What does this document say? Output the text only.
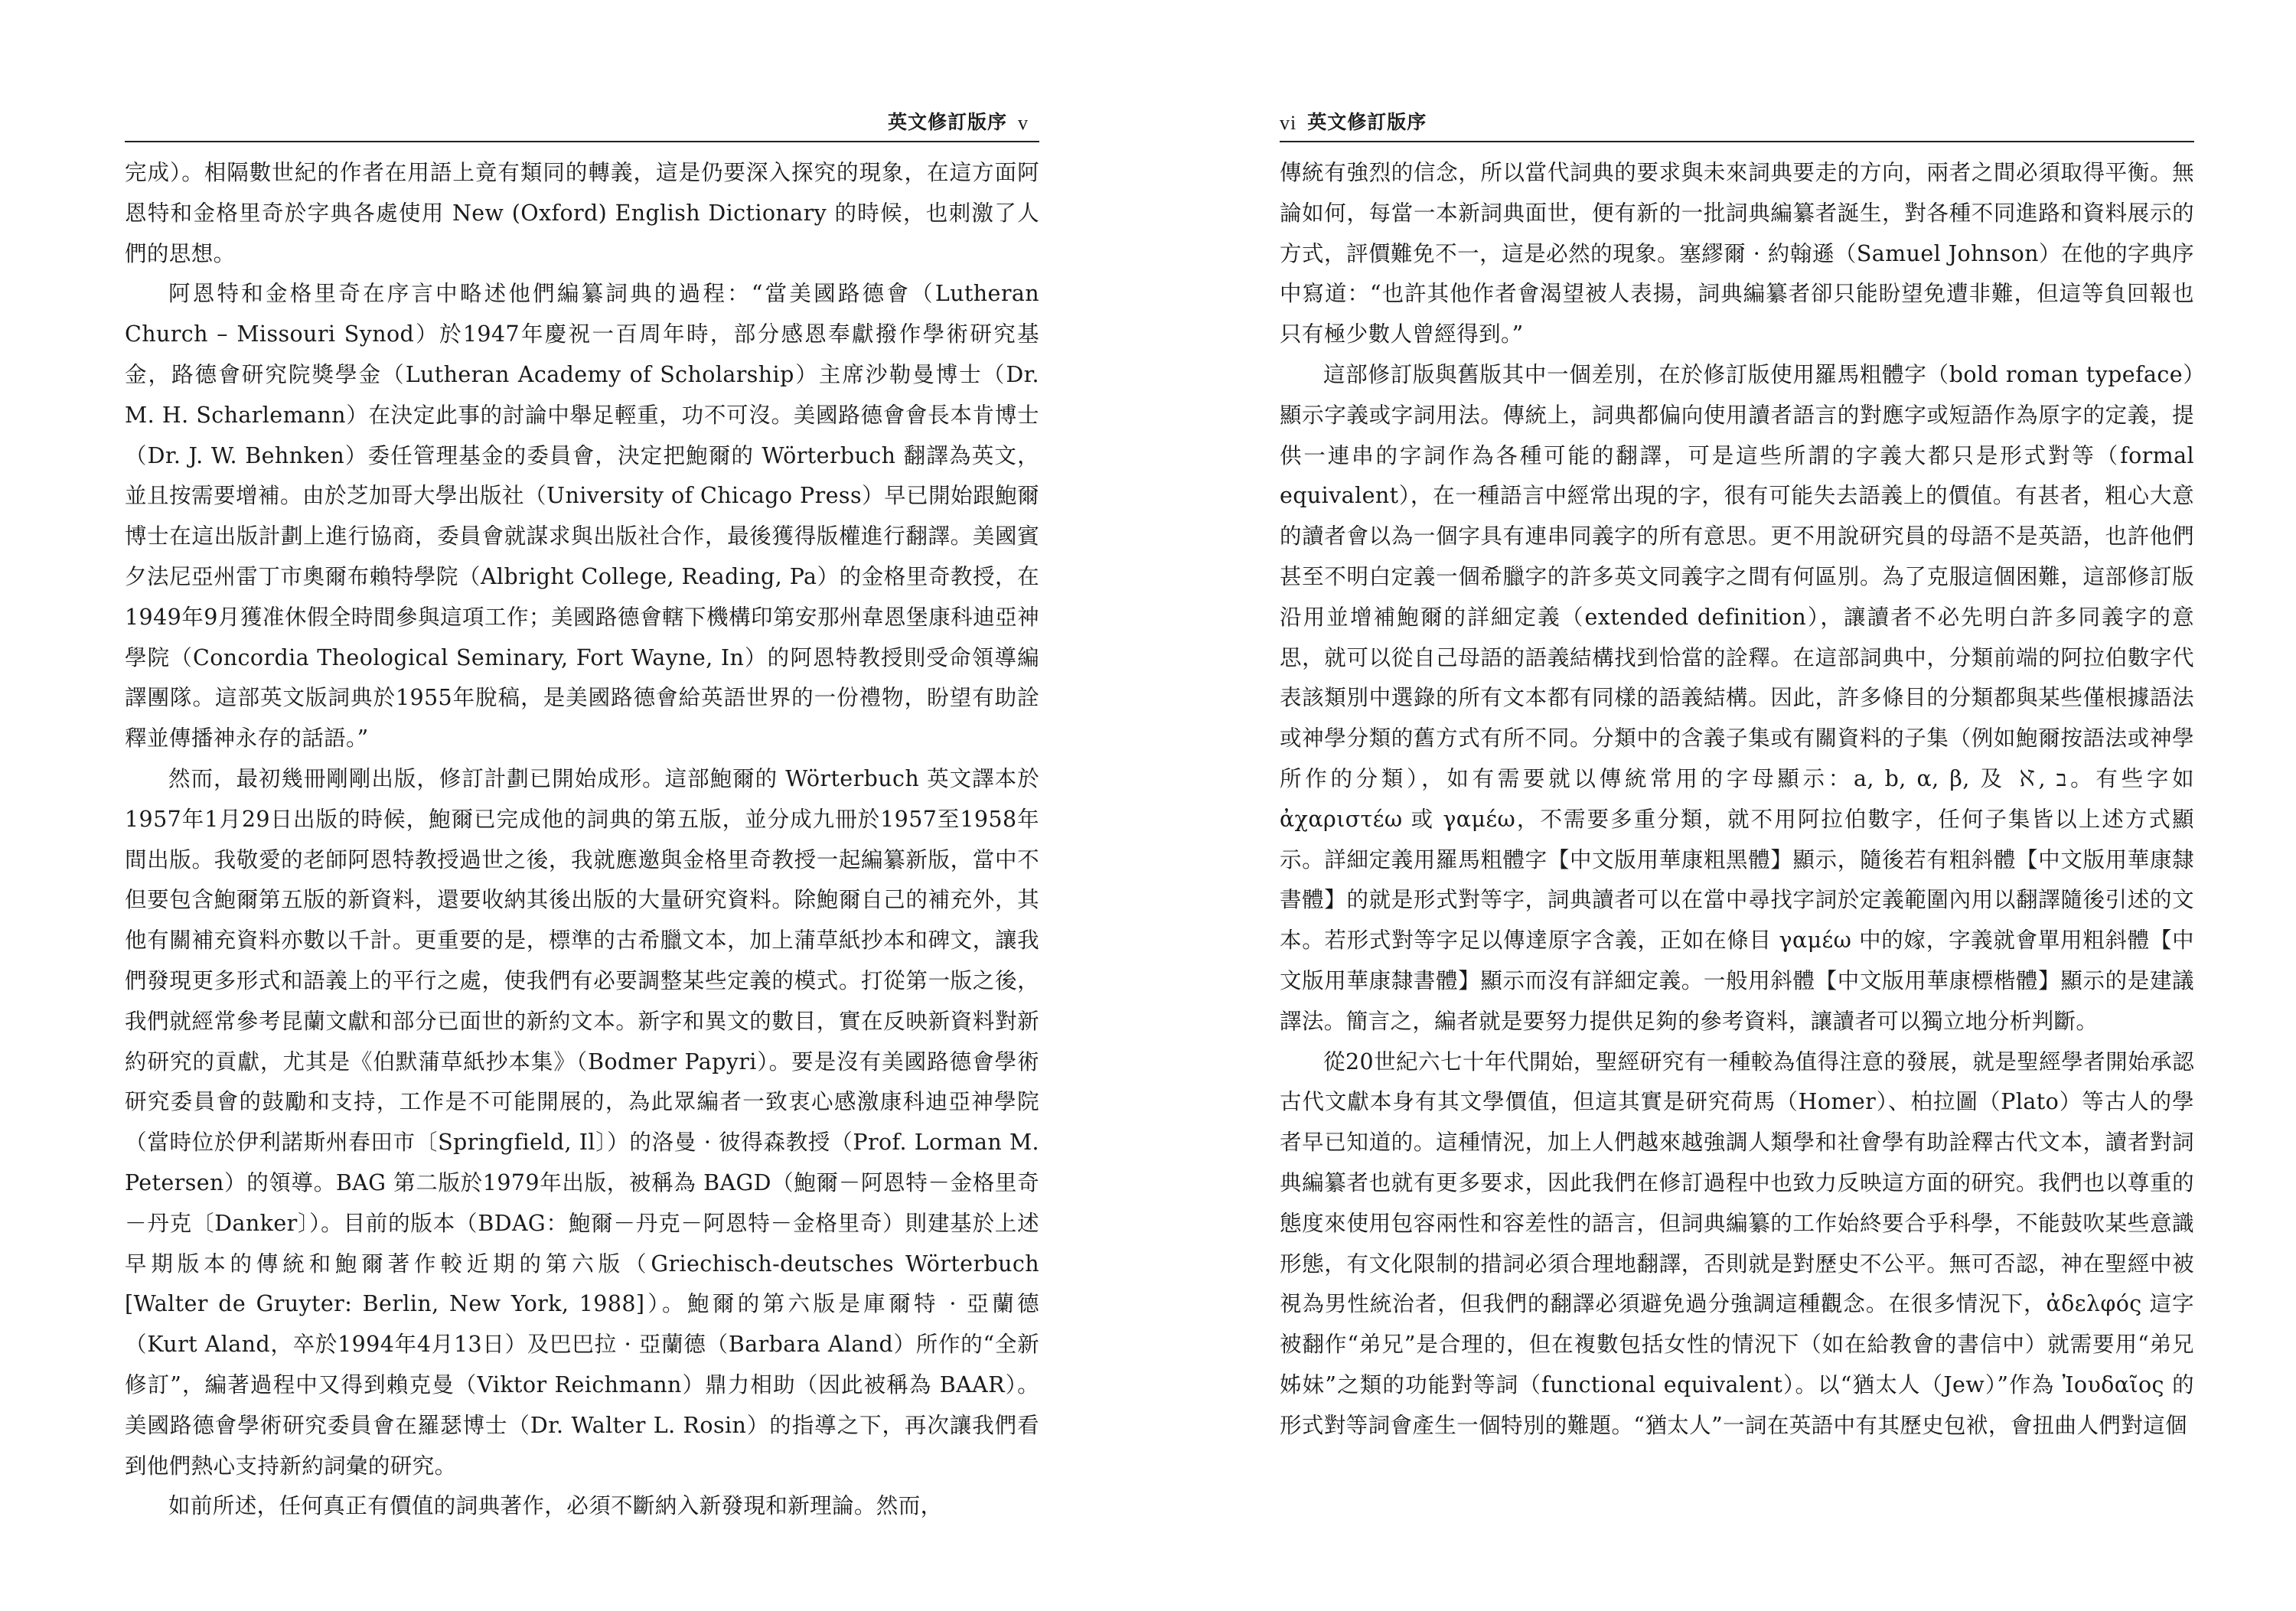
英文修訂版序 v

完成）。相隔數世紀的作者在用語上竟有類同的轉義，這是仍要深入探究的現象，在這方面阿恩特和金格里奇於字典各處使用 New (Oxford) English Dictionary 的時候，也刺激了人們的思想。

阿恩特和金格里奇在序言中略述他們編纂詞典的過程：“當美國路德會（Lutheran Church – Missouri Synod）於1947年慶祝一百周年時，部分感恩奉獻撥作學術研究基金，路德會研究院獎學金（Lutheran Academy of Scholarship）主席沙勒曼博士（Dr. M. H. Scharlemann）在決定此事的討論中舉足輕重，功不可沒。美國路德會會長本肯博士（Dr. J. W. Behnken）委任管理基金的委員會，決定把鮑爾的 Wörterbuch 翻譯為英文，並且按需要增補。由於芝加哥大學出版社（University of Chicago Press）早已開始跟鮑爾博士在這出版計劃上進行協商，委員會就謀求與出版社合作，最後獲得版權進行翻譯。美國賓夕法尼亞州雷丁市奧爾布賴特學院（Albright College, Reading, Pa）的金格里奇教授，在1949年9月獲准休假全時間參與這項工作；美國路德會轄下機構印第安那州韋恩堡康科迪亞神學院（Concordia Theological Seminary, Fort Wayne, In）的阿恩特教授則受命領導編譯團隊。這部英文版詞典於1955年脫稿，是美國路德會給英語世界的一份禮物，盼望有助詮釋並傳播神永存的話語。”

然而，最初幾冊剛剛出版，修訂計劃已開始成形。這部鮑爾的 Wörterbuch 英文譯本於1957年1月29日出版的時候，鮑爾已完成他的詞典的第五版，並分成九冊於1957至1958年間出版。我敬愛的老師阿恩特教授過世之後，我就應邀與金格里奇教授一起編纂新版，當中不但要包含鮑爾第五版的新資料，還要收納其後出版的大量研究資料。除鮑爾自己的補充外，其他有關補充資料亦數以千計。更重要的是，標準的古希臘文本，加上蒲草紙抄本和碑文，讓我們發現更多形式和語義上的平行之處，使我們有必要調整某些定義的模式。打從第一版之後，我們就經常參考昆蘭文獻和部分已面世的新約文本。新字和異文的數目，實在反映新資料對新約研究的貢獻，尤其是《伯默蒲草紙抄本集》（Bodmer Papyri）。要是沒有美國路德會學術研究委員會的鼓勵和支持，工作是不可能開展的，為此眾編者一致衷心感激康科迪亞神學院（當時位於伊利諾斯州春田市〔Springfield, Il〕）的洛曼 · 彼得森教授（Prof. Lorman M. Petersen）的領導。BAG 第二版於1979年出版，被稱為 BAGD（鮑爾－阿恩特－金格里奇－丹克〔Danker〕）。目前的版本（BDAG：鮑爾－丹克－阿恩特－金格里奇）則建基於上述早期版本的傳統和鮑爾著作較近期的第六版（Griechisch-deutsches Wörterbuch [Walter de Gruyter: Berlin, New York, 1988]）。鮑爾的第六版是庫爾特 · 亞蘭德（Kurt Aland，卒於1994年4月13日）及巴巴拉 · 亞蘭德（Barbara Aland）所作的“全新修訂”，編著過程中又得到賴克曼（Viktor Reichmann）鼎力相助（因此被稱為 BAAR）。美國路德會學術研究委員會在羅瑟博士（Dr. Walter L. Rosin）的指導之下，再次讓我們看到他們熱心支持新約詞彙的研究。

如前所述，任何真正有價值的詞典著作，必須不斷納入新發現和新理論。然而，

vi 英文修訂版序

傳統有強烈的信念，所以當代詞典的要求與未來詞典要走的方向，兩者之間必須取得平衡。無論如何，每當一本新詞典面世，便有新的一批詞典編纂者誕生，對各種不同進路和資料展示的方式，評價難免不一，這是必然的現象。塞繆爾 · 約翰遜（Samuel Johnson）在他的字典序中寫道：“也許其他作者會渴望被人表揚，詞典編纂者卻只能盼望免遭非難，但這等負回報也只有極少數人曾經得到。”

這部修訂版與舊版其中一個差別，在於修訂版使用羅馬粗體字（bold roman typeface）顯示字義或字詞用法。傳統上，詞典都偏向使用讀者語言的對應字或短語作為原字的定義，提供一連串的字詞作為各種可能的翻譯，可是這些所謂的字義大都只是形式對等（formal equivalent），在一種語言中經常出現的字，很有可能失去語義上的價值。有甚者，粗心大意的讀者會以為一個字具有連串同義字的所有意思。更不用說研究員的母語不是英語，也許他們甚至不明白定義一個希臘字的許多英文同義字之間有何區別。為了克服這個困難，這部修訂版沿用並增補鮑爾的詳細定義（extended definition），讓讀者不必先明白許多同義字的意思，就可以從自己母語的語義結構找到恰當的詮釋。在這部詞典中，分類前端的阿拉伯數字代表該類別中選錄的所有文本都有同樣的語義結構。因此，許多條目的分類都與某些僅根據語法或神學分類的舊方式有所不同。分類中的含義子集或有關資料的子集（例如鮑爾按語法或神學所作的分類），如有需要就以傳統常用的字母顯示：a, b, α, β, 及 ℵ, ב。有些字如 ἀχαριστέω 或 γαμέω，不需要多重分類，就不用阿拉伯數字，任何子集皆以上述方式顯示。詳細定義用羅馬粗體字【中文版用華康粗黑體】顯示，隨後若有粗斜體【中文版用華康隸書體】的就是形式對等字，詞典讀者可以在當中尋找字詞於定義範圍內用以翻譯隨後引述的文本。若形式對等字足以傳達原字含義，正如在條目 γαμέω 中的嫁，字義就會單用粗斜體【中文版用華康隸書體】顯示而沒有詳細定義。一般用斜體【中文版用華康標楷體】顯示的是建議譯法。簡言之，編者就是要努力提供足夠的參考資料，讓讀者可以獨立地分析判斷。

從20世紀六七十年代開始，聖經研究有一種較為值得注意的發展，就是聖經學者開始承認古代文獻本身有其文學價值，但這其實是研究荷馬（Homer）、柏拉圖（Plato）等古人的學者早已知道的。這種情況，加上人們越來越強調人類學和社會學有助詮釋古代文本，讀者對詞典編纂者也就有更多要求，因此我們在修訂過程中也致力反映這方面的研究。我們也以尊重的態度來使用包容兩性和容差性的語言，但詞典編纂的工作始終要合乎科學，不能鼓吹某些意識形態，有文化限制的措詞必須合理地翻譯，否則就是對歷史不公平。無可否認，神在聖經中被視為男性統治者，但我們的翻譯必須避免過分強調這種觀念。在很多情況下，ἀδελφός 這字被翻作“弟兄”是合理的，但在複數包括女性的情況下（如在給教會的書信中）就需要用“弟兄姊妹”之類的功能對等詞（functional equivalent）。以“猶太人（Jew）”作為 Ἰουδαῖος 的形式對等詞會產生一個特別的難題。“猶太人”一詞在英語中有其歷史包袱，會扭曲人們對這個
